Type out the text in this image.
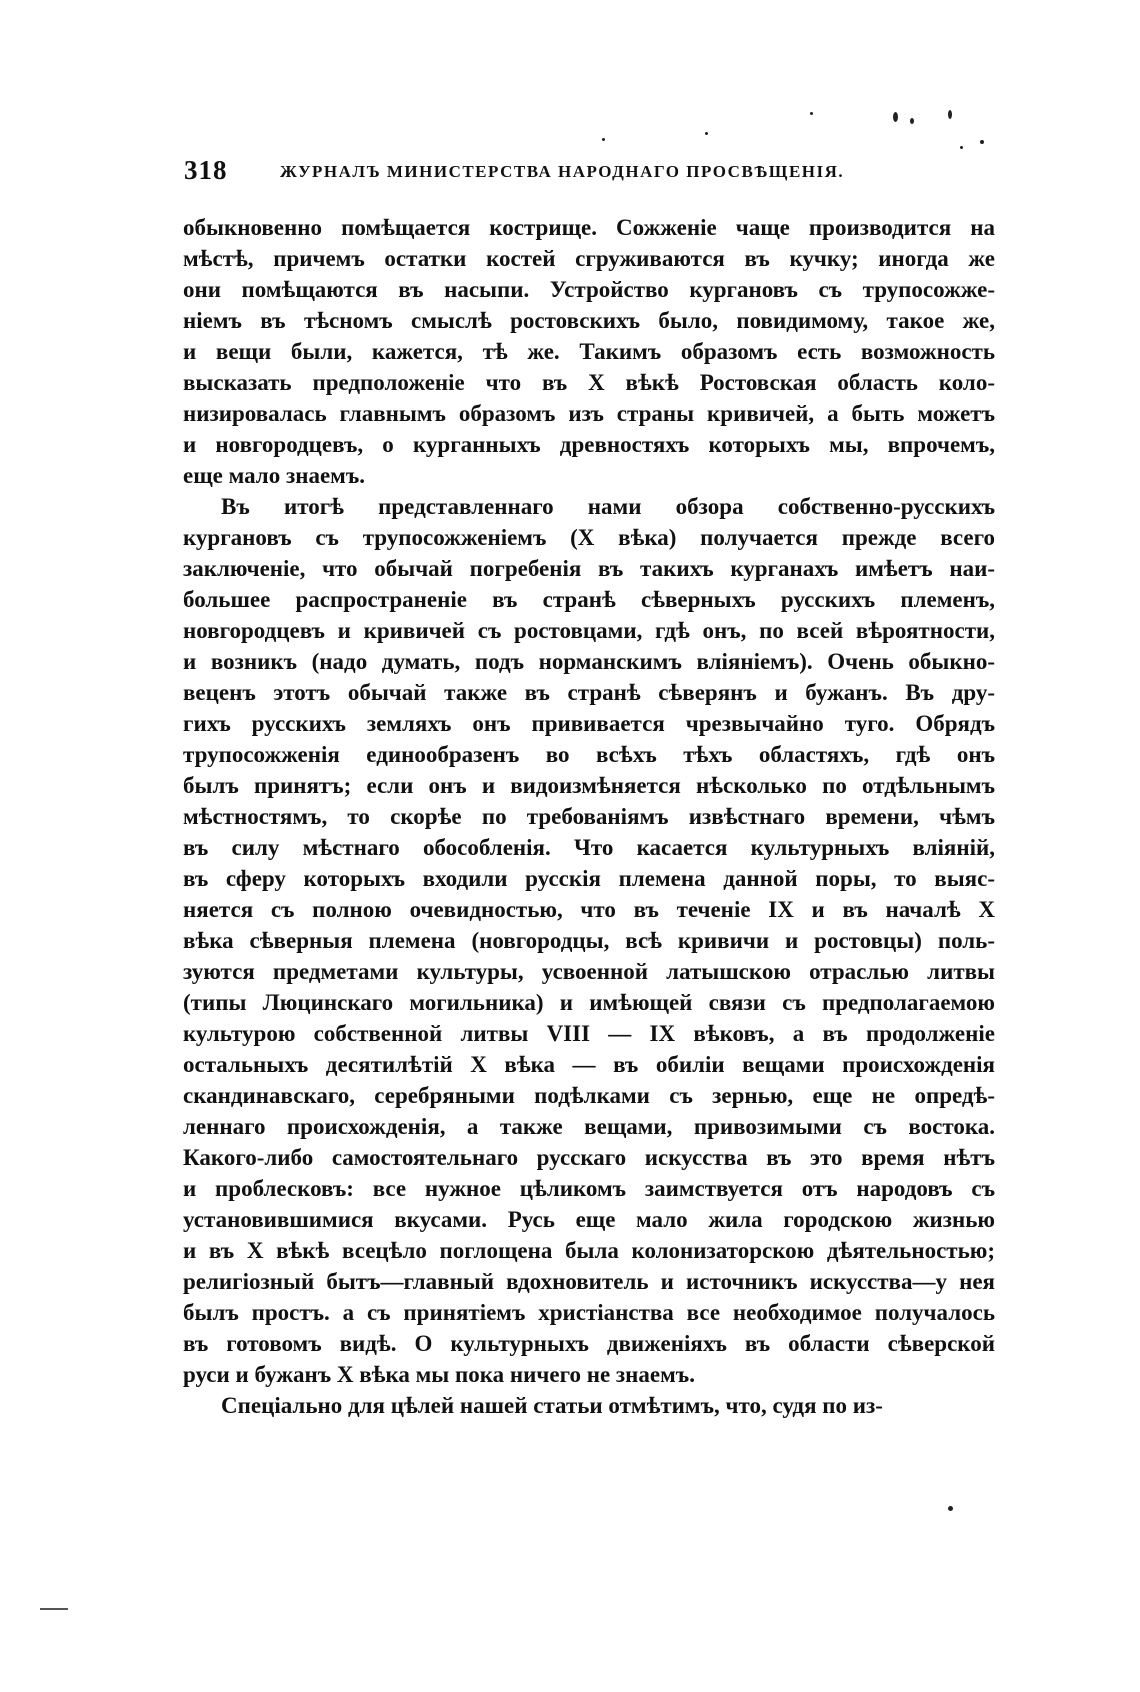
318	ЖУРНАЛЪ МИНИСТЕРСТВА НАРОДНАГО ПРОСВѢЩЕНІЯ.
обыкновенно помѣщается кострище. Сожженіе чаще производится на
мѣстѣ, причемъ остатки костей сгруживаются въ кучку; иногда же
они помѣщаются въ насыпи. Устройство кургановъ съ трупосожже-
ніемъ въ тѣсномъ смыслѣ ростовскихъ было, повидимому, такое же,
и вещи были, кажется, тѣ же. Такимъ образомъ есть возможность
высказать предположеніе что въ X вѣкѣ Ростовская область коло-
низировалась главнымъ образомъ изъ страны кривичей, а быть можетъ
и новгородцевъ, о курганныхъ древностяхъ которыхъ мы, впрочемъ,
еще мало знаемъ.
Въ итогѣ представленнаго нами обзора собственно-русскихъ
кургановъ съ трупосожженіемъ (X вѣка) получается прежде всего
заключеніе, что обычай погребенія въ такихъ курганахъ имѣетъ наи-
большее распространеніе въ странѣ сѣверныхъ русскихъ племенъ,
новгородцевъ и кривичей съ ростовцами, гдѣ онъ, по всей вѣроятности,
и возникъ (надо думать, подъ норманскимъ вліяніемъ). Очень обыкно-
веценъ этотъ обычай также въ странѣ сѣверянъ и бужанъ. Въ дру-
гихъ русскихъ земляхъ онъ прививается чрезвычайно туго. Обрядъ
трупосожженія единообразенъ во всѣхъ тѣхъ областяхъ, гдѣ онъ
былъ принятъ; если онъ и видоизмѣняется нѣсколько по отдѣльнымъ
мѣстностямъ, то скорѣе по требованіямъ извѣстнаго времени, чѣмъ
въ силу мѣстнаго обособленія. Что касается культурныхъ вліяній,
въ сферу которыхъ входили русскія племена данной поры, то выяс-
няется съ полною очевидностью, что въ теченіе IX и въ началѣ X
вѣка сѣверныя племена (новгородцы, всѣ кривичи и ростовцы) поль-
зуются предметами культуры, усвоенной латышскою отраслью литвы
(типы Люцинскаго могильника) и имѣющей связи съ предполагаемою
культурою собственной литвы VIII — IX вѣковъ, а въ продолженіе
остальныхъ десятилѣтій X вѣка — въ обиліи вещами происхожденія
скандинавскаго, серебряными подѣлками съ зернью, еще не опредѣ-
леннаго происхожденія, а также вещами, привозимыми съ востока.
Какого-либо самостоятельнаго русскаго искусства въ это время нѣтъ
и проблесковъ: все нужное цѣликомъ заимствуется отъ народовъ съ
установившимися вкусами. Русь еще мало жила городскою жизнью
и въ X вѣкѣ всецѣло поглощена была колонизаторскою дѣятельностью;
религіозный бытъ—главный вдохновитель и источникъ искусства—у нея
былъ простъ. а съ принятіемъ христіанства все необходимое получалось
въ готовомъ видѣ. О культурныхъ движеніяхъ въ области сѣверской
руси и бужанъ X вѣка мы пока ничего не знаемъ.
Спеціально для цѣлей нашей статьи отмѣтимъ, что, судя по из-
